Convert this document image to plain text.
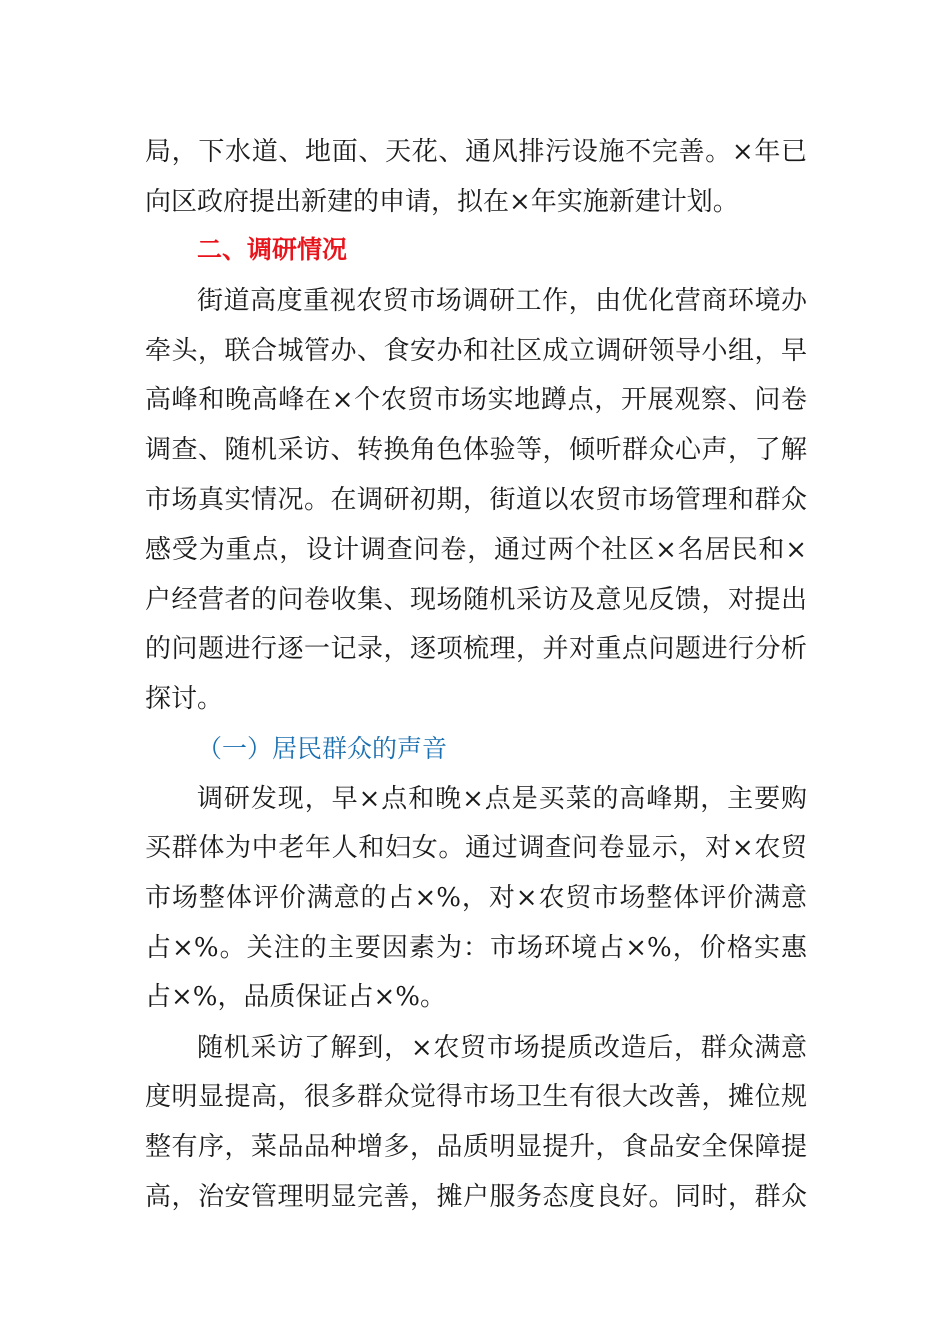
局，下水道、地面、天花、通风排污设施不完善。×年已
向区政府提出新建的申请，拟在×年实施新建计划。
二、调研情况
街道高度重视农贸市场调研工作，由优化营商环境办
牵头，联合城管办、食安办和社区成立调研领导小组，早
高峰和晚高峰在×个农贸市场实地蹲点，开展观察、问卷
调查、随机采访、转换角色体验等，倾听群众心声，了解
市场真实情况。在调研初期，街道以农贸市场管理和群众
感受为重点，设计调查问卷，通过两个社区×名居民和×
户经营者的问卷收集、现场随机采访及意见反馈，对提出
的问题进行逐一记录，逐项梳理，并对重点问题进行分析
探讨。
（一）居民群众的声音
调研发现，早×点和晚×点是买菜的高峰期，主要购
买群体为中老年人和妇女。通过调查问卷显示，对×农贸
市场整体评价满意的占×%，对×农贸市场整体评价满意
占×%。关注的主要因素为：市场环境占×%，价格实惠
占×%，品质保证占×%。
随机采访了解到，×农贸市场提质改造后，群众满意
度明显提高，很多群众觉得市场卫生有很大改善，摊位规
整有序，菜品品种增多，品质明显提升，食品安全保障提
高，治安管理明显完善，摊户服务态度良好。同时，群众
